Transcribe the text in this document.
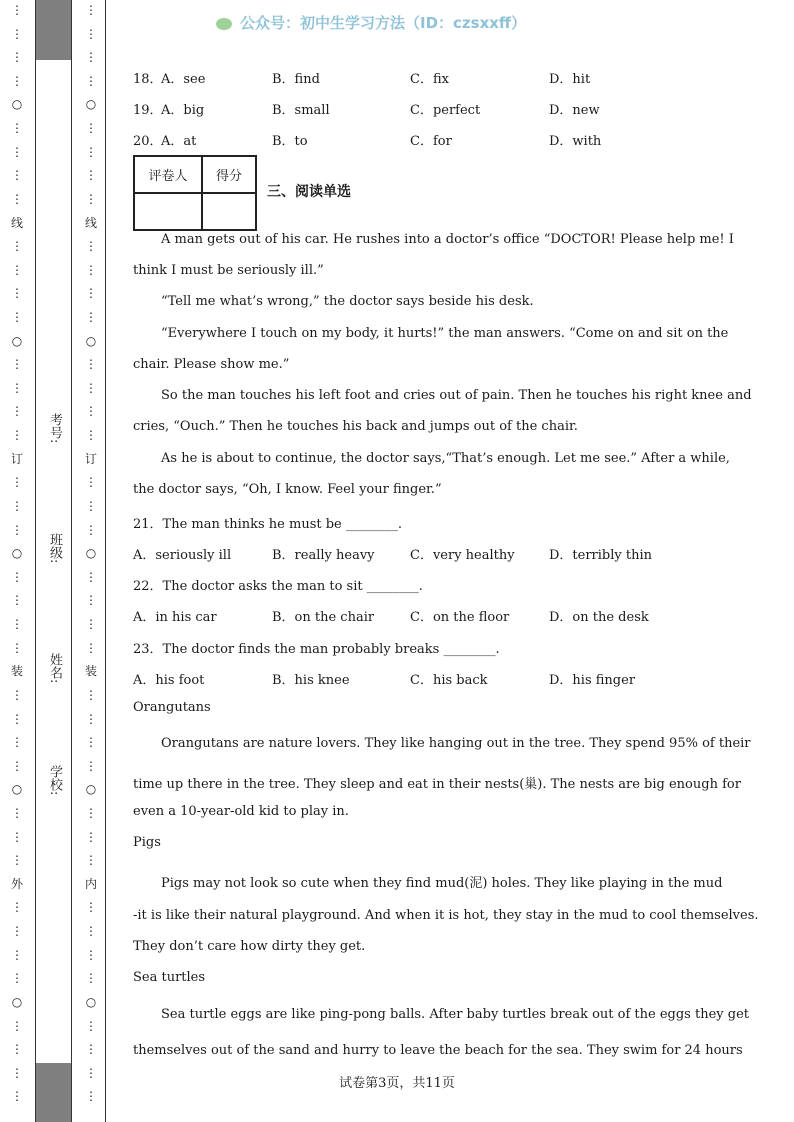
⋮
⋮
⋮
⋮
○
⋮
⋮
⋮
⋮
线
⋮
⋮
⋮
⋮
○
⋮
⋮
⋮
⋮
订
⋮
⋮
⋮
○
⋮
⋮
⋮
⋮
装
⋮
⋮
⋮
⋮
○
⋮
⋮
⋮
外
⋮
⋮
⋮
⋮
○
⋮
⋮
⋮
⋮
⋮
⋮
⋮
⋮
○
⋮
⋮
⋮
⋮
线
⋮
⋮
⋮
⋮
○
⋮
⋮
⋮
⋮
订
⋮
⋮
⋮
○
⋮
⋮
⋮
⋮
装
⋮
⋮
⋮
⋮
○
⋮
⋮
⋮
内
⋮
⋮
⋮
⋮
○
⋮
⋮
⋮
⋮
考号:
班级:
姓名:
学校:
公众号：初中生学习方法（ID：czsxxff）
18．
A．see	B．find	C．fix	D．hit
19．
A．big	B．small	C．perfect	D．new
20．
A．at	B．to	C．for	D．with
评卷人	得分

三、阅读单选
A man gets out of his car. He rushes into a doctor’s office “DOCTOR! Please help me! I
think I must be seriously ill.”
“Tell me what’s wrong,” the doctor says beside his desk.
“Everywhere I touch on my body, it hurts!” the man answers. “Come on and sit on the
chair. Please show me.”
So the man touches his left foot and cries out of pain. Then he touches his right knee and
cries, “Ouch.” Then he touches his back and jumps out of the chair.
As he is about to continue, the doctor says,“That’s enough. Let me see.” After a while,
the doctor says, “Oh, I know. Feel your finger.”
21．The man thinks he must be ________.
A．seriously ill	B．really heavy	C．very healthy	D．terribly thin
22．The doctor asks the man to sit ________.
A．in his car	B．on the chair	C．on the floor	D．on the desk
23．The doctor finds the man probably breaks ________.
A．his foot	B．his knee	C．his back	D．his finger
Orangutans
Orangutans are nature lovers. They like hanging out in the tree. They spend 95% of their
time up there in the tree. They sleep and eat in their nests(巢). The nests are big enough for
even a 10-year-old kid to play in.
Pigs
Pigs may not look so cute when they find mud(泥) holes. They like playing in the mud
-it is like their natural playground. And when it is hot, they stay in the mud to cool themselves.
They don’t care how dirty they get.
Sea turtles
Sea turtle eggs are like ping-pong balls. After baby turtles break out of the eggs they get
themselves out of the sand and hurry to leave the beach for the sea. They swim for 24 hours
试卷第3页，共11页
